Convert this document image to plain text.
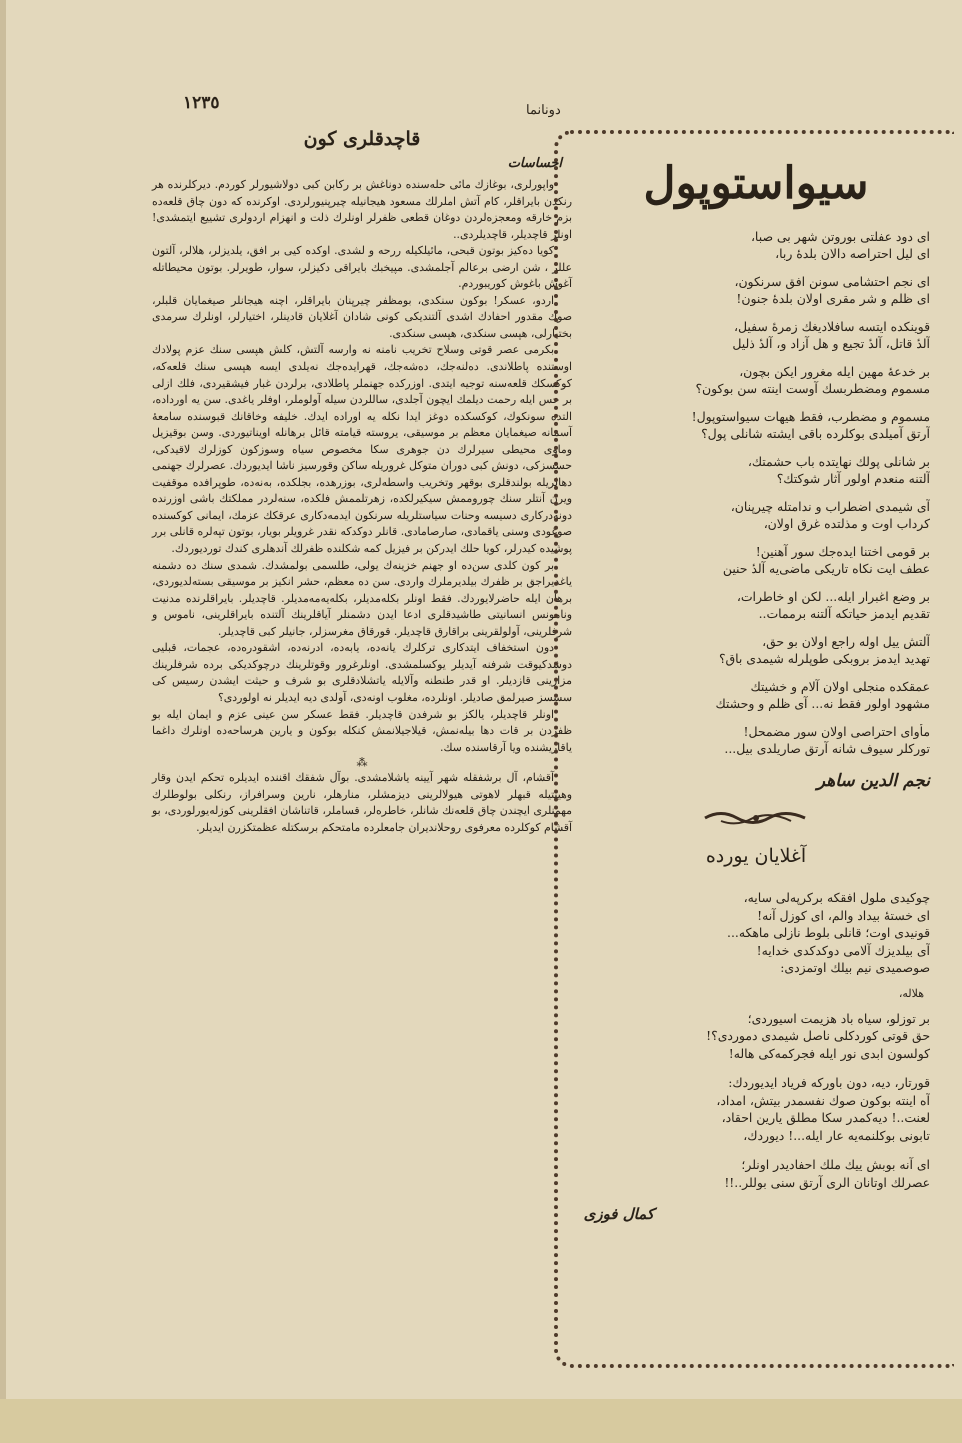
١٢٣٥	دونانما
قاچدقلری كون
احساسات

واپورلری، بوغازك مائی حله‌سنده دوناغش بر ركابن كبی دولاشیورلر كوردم. دیركلرنده هر رنكدن بایراقلر، كام آتش املرلك مسعود هیجانیله چیرپنیورلردی. اوكرنده كه دون چاق قلعه‌ده بزم خارقه ومعجزه‌لردن دوغان قطعی ظفرلر اونلرك ذلت و انهزام اردولری تشییع ایتمشدی! اونلر قاچدیلر، قاچدیلردی..

كویا ده‌كیز بوتون قبحی، مائیلكیله ررحه و لشدی. اوكده كیی بر افق، یلدیزلر، هلالر، آلتون عللر ، شن ارضی برعالم آجلمشدی. مپیخبك بایراقی دكیزلر، سوار، طویرلر. بوتون محیطاتله آغوش باغوش كوریبوردم.

اردو، عسكر! بوكون سنكدی، بومظفر چیرپنان بایراقلر، اچنه هیجانلر صیغمایان قلبلر، صوك مقدور احفادك اشدی آلتندیكی كونی شادان آغلایان قادینلر، اختیارلر، اونلرك سرمدی بختیارلی، هپسی سنكدی، هپسی سنكدی.

بكرمی عصر قوتی وسلاح تخریب نامنه نه وارسه آلتش، كلش هپسی سنك عزم پولادك اوستنده پاطلاندی. ده‌لنه‌جك، ده‌شه‌جك، قهرایده‌جك نه‌یلدی ایسه هپسی سنك قلعه‌كه، كوكسكك قلعه‌سنه توجیه ایتدی. اوزركده جهنملر پاطلادی، برلردن غبار فیشقیردی، فلك ازلی بر حس ایله رحمت دیلمك ایچون آجلدی، ساللردن سیله آولوملر، اوفلر یاغدی. سن یه اورداده، التده سونكوك، كوكسكده دوغز ایدا نكله یه اوراده ایدك. خلیفه وخاقانك قبوسنده سامعهٔ آسمانه صیغمایان معظم بر موسیقی، یروسته قیامته قائل برهانله اویناتیوردی. وسن بوقیزیل وماوی محیطی سیرلرك دن جوهری سكا مخصوص سیاه وسوزكون كوزلرك لاقیدكی، حسسزكی، دونش كبی دوران متوكل غروریله ساكن وقورسیز ناشا ایدیوردك. عصرلرك جهنمی دهالریله بولندقلری بوقهر وتخریب واسطه‌لری، بوزرهده، بجلكده، به‌نه‌ده، طوپرافده موقفیت ویرن آنتلر سنك چوروممش سیكیرلكده، زهرتلممش فلكده، سنه‌لردر مملكتك باشی اوزرنده دونه‌دركاری دسیسه وحنات سیاستلریله سرنكون ایدمه‌دكاری عرقكك عزمك، ایمانی كوكسنده صوغودی وسنی یاقمادی، صارصامادی. قانلر دوكدكه نقدر غرویلر بویار، بوتون تپه‌لره قانلی برر پوشیده كیدرلر، كویا حلك ایدركن بر فیزیل كمه شكلنده ظفرلك آندهلری كندك توردیوردك.

بر كون كلدی سن‌ده او جهنم خزینه‌ك یولی، طلسمی بولمشدك. شمدی سنك ده دشمنه یاغدیراجق بر ظفرك بیلدیرملرك واردی. سن ده معظم، حشر انكیز بر موسیقی بسته‌لدیوردی، برهان ایله حاضرلایوردك. فقط اونلر بكله‌مدیلر، بكله‌یه‌مه‌مدیلر. قاچدیلر. بایراقلرنده مدنیت ونامونس انسانیتی طاشیدقلری ادعا ایدن دشمنلر آیاقلرینك آلتنده بایراقلرینی، ناموس و شرفلرینی، آولولقرینی براقارق قاچدیلر. قورقاق مغرسزلر، جانیلر كبی قاچدیلر.

دون استخفاف ایتدكاری تركلرك یانه‌ده، یابه‌ده، ادرنه‌ده، اشقودره‌ده، عجمات، قبلیی دوشدكیوقت شرفنه آیدیلر یوكسلمشدی. اونلرغرور وقوتلرینك درچوكدیكی برده شرفلرینك مزارینی قازدیلر. او قدر طنطنه وآلایله یاتشلادقلری بو شرف و حیثت ایشدن رسیس كی سسسز صیرلمق صادیلر. اونلرده، مغلوب اونه‌دی، آولدی دیه ایدیلر نه اولوردی؟

اونلر قاچدیلر، یالكز بو شرفدن قاچدیلر. فقط عسكر سن عینی عزم و ایمان ایله بو ظفردن بر قات دها بیله‌نمش، قیلاجیلانمش كنكله بوكون و یارین هرساحه‌ده اونلرك داغما یاقاریشنده ویا آرقاسنده سك.

⁂

آقشام، آل برشفقله شهر آیینه یاشلامشدی. بوآل شفقك اقننده ایدیلره تحكم ایدن وقار وهیبتیله قبهلر لاهوتی هیولالرینی دیزمشلر، منارهلر، نارین وسرافراز، رنكلی بولوطلرك مهمنلری ایچندن چاق قلعه‌نك شانلر، خاطره‌لر، قساملر، قاتناشان افقلرینی كوزله‌یورلوردی، بو آقشام كوكلرده معرفوی روحلاندیران جامعلرده مامتحكم برسكتله عظمتكزرن ایدیلر.

سیواستوپول
ای دود عفلتی بوروتن شهر بی صبا،
ای لیل احتراصه دالان بلده‌ٔ ربا،
ای نجم احتشامی سونن افق سرنكون،
ای ظلم و شر مقری اولان بلدهٔ جنون!
قوینكده ایتسه سافلادیغك زمرهٔ سفیل،
آلدٔ قاتل، آلدٔ تجیع و هل آزاد و، آلدٔ ذلیل
بر خدعهٔ مهین ایله مغرور ایكن بچون،
مسموم ومضطربسك آوست اینته سن بوكون؟
مسموم و مضطرب، فقط هیهات سیواستوپول!
آرتق آمیلدی بوكلرده باقی ایشته شانلی پول؟
بر شانلی پولك نهایتده باب حشمتك،
آلتنه منعدم اولور آثار شوكتك؟
آی شیمدی اضطراب و ندامتله چیرپنان،
كرداب اوت و مذلتده غرق اولان،
بر قومی اختنا ایده‌جك سور آهنین!
عطف ایت نكاه تاریكی ماضی‌یه آلدٔ حنین
بر وضع اغبرار ایله... لكن او خاطرات،
تقدیم ایدمز حیاتكه آلتنه برممات..
آلتش ییل اوله راجع اولان بو حق،
تهدید ایدمز بروبكی طوپلرله شیمدی باق؟
عمقكده منجلی اولان آلام و خشیتك
مشهود اولور فقط نه... آی ظلم و وحشتك
مأوای احتراصی اولان سور مضمحل!
توركلر سیوف شانه آرتق صاریلدی بیل...
نجم الدین ساهر
آغلایان یورده
چوكیدی ملول افقكه بركرپه‌لی سایه،
ای خستهٔ بیداد والم، ای كوزل آنه!
قونیدی اوت؛ قانلی بلوط نازلی ماهكه...
آی بیلدیزك آلامی دوكدكدی خدایه!
صوصمیدی نیم بیلك اوتمزدی:
هلاله،
بر توزلو، سیاه باد هزیمت اسیوردی؛
حق قوتی كوردكلی ناصل شیمدی دموردی؟!
كولسون ابدی نور ایله فجركمه‌كی هاله!
قورتار، دیه، دون باوركه فریاد ایدیوردك:
آه اینته بوكون صوك نفسمدر بیتش، امداد،
لعنت..! دیه‌كمدر سكا مطلق یارین احقاد،
تابونی بوكلنمه‌یه عار ایله...! دیوردك،
ای آنه بوبش ییك ملك احفادیدر اونلر؛
عصرلك اوتانان الری آرتق سنی بوللر..!!
كمال فوزی
